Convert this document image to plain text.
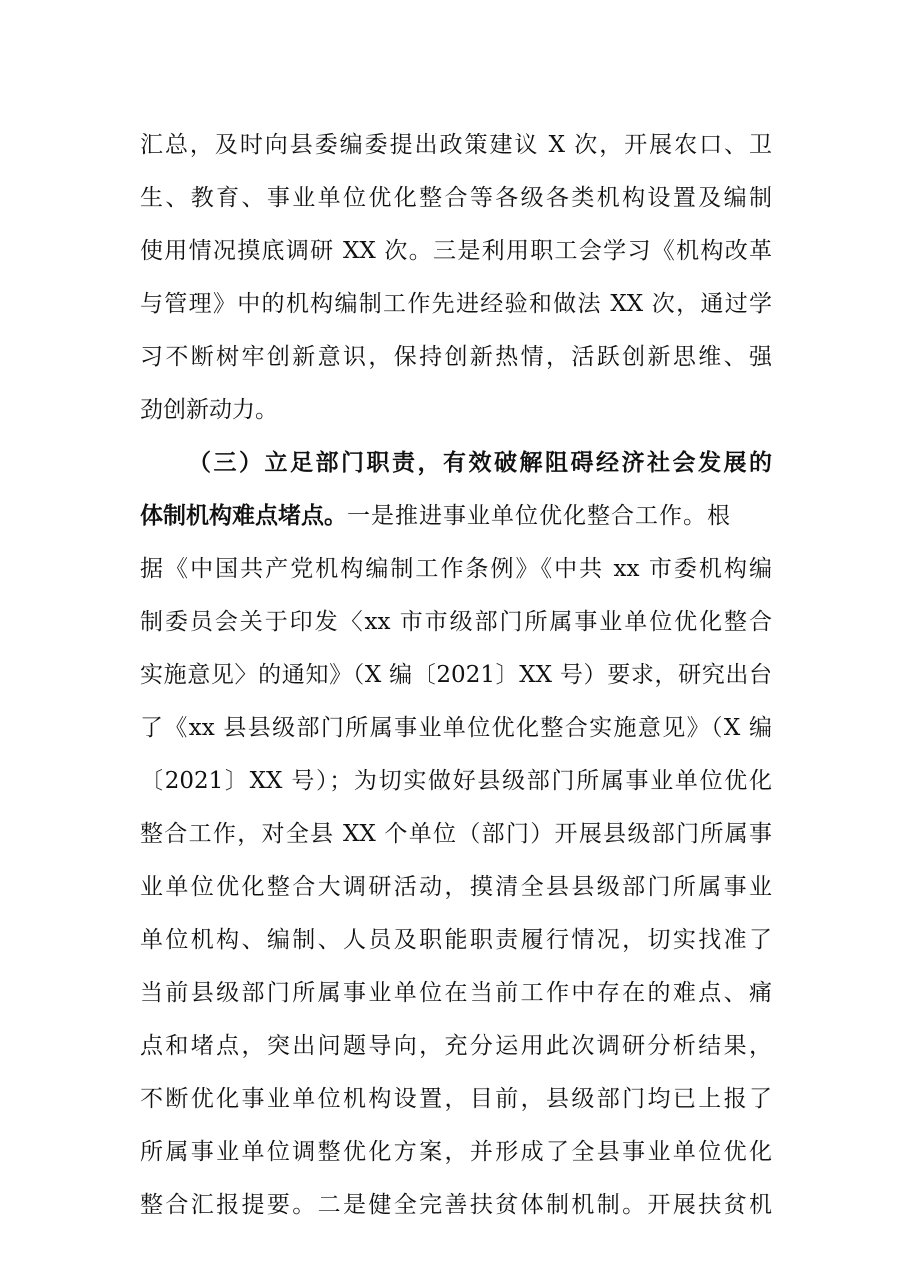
汇总，及时向县委编委提出政策建议 X 次，开展农口、卫
生、教育、事业单位优化整合等各级各类机构设置及编制
使用情况摸底调研 XX 次。三是利用职工会学习《机构改革
与管理》中的机构编制工作先进经验和做法 XX 次，通过学
习不断树牢创新意识，保持创新热情，活跃创新思维、强
劲创新动力。
（三）立足部门职责，有效破解阻碍经济社会发展的
体制机构难点堵点。一是推进事业单位优化整合工作。根
据《中国共产党机构编制工作条例》《中共 xx 市委机构编
制委员会关于印发〈xx 市市级部门所属事业单位优化整合
实施意见〉的通知》（X 编〔2021〕XX 号）要求，研究出台
了《xx 县县级部门所属事业单位优化整合实施意见》（X 编
〔2021〕XX 号）；为切实做好县级部门所属事业单位优化
整合工作，对全县 XX 个单位（部门）开展县级部门所属事
业单位优化整合大调研活动，摸清全县县级部门所属事业
单位机构、编制、人员及职能职责履行情况，切实找准了
当前县级部门所属事业单位在当前工作中存在的难点、痛
点和堵点，突出问题导向，充分运用此次调研分析结果，
不断优化事业单位机构设置，目前，县级部门均已上报了
所属事业单位调整优化方案，并形成了全县事业单位优化
整合汇报提要。二是健全完善扶贫体制机制。开展扶贫机
